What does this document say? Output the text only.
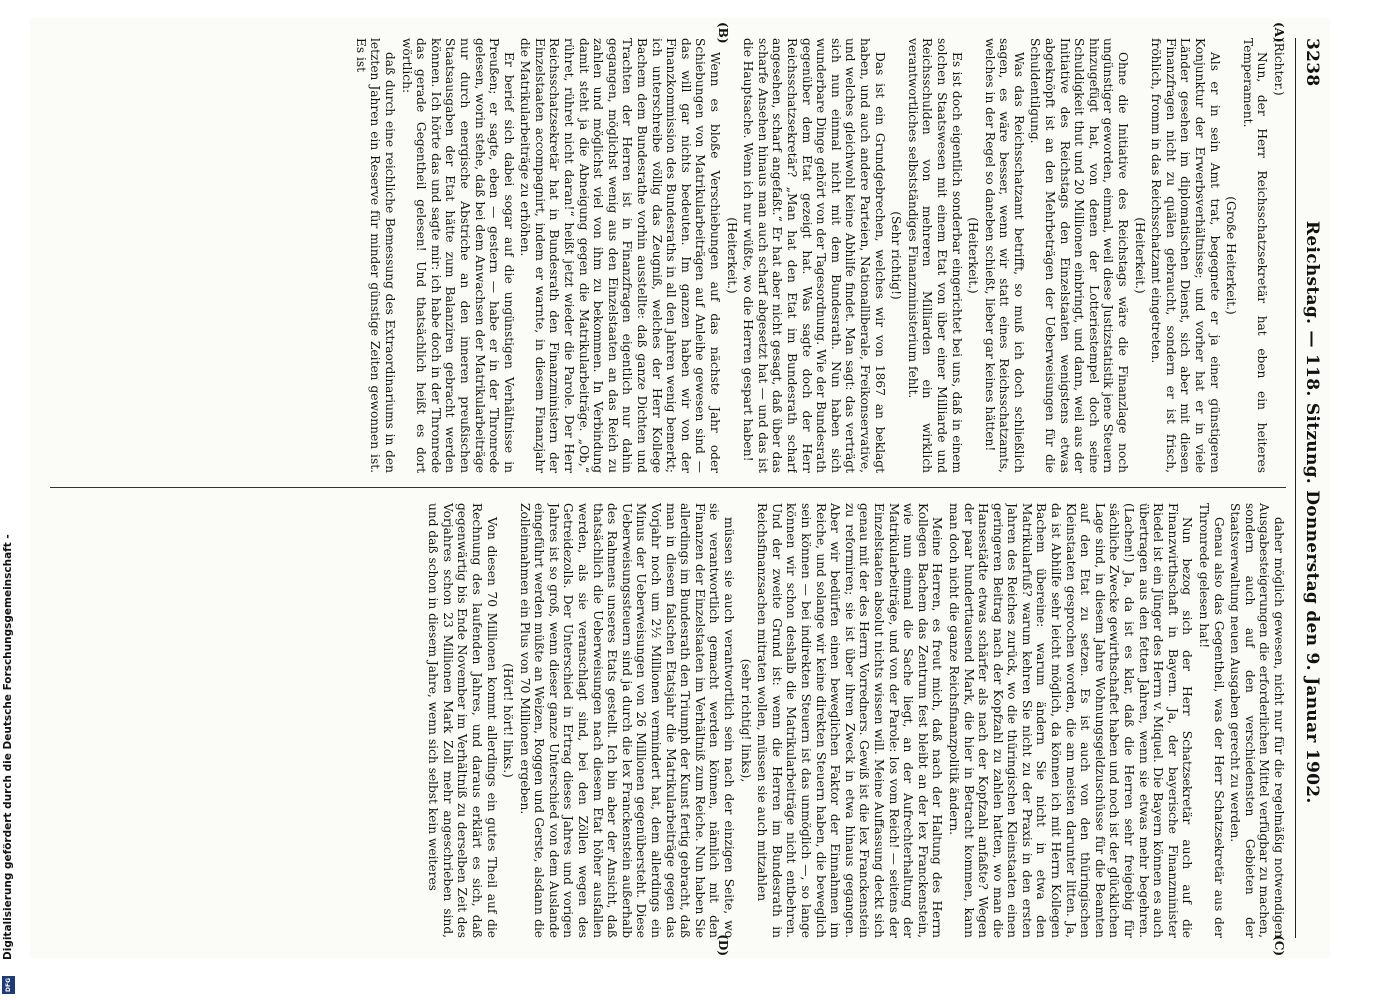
3238
Reichstag. — 118. Sitzung. Donnerstag den 9. Januar 1902.

(Richter.)

Nun, der Herr Reichsschatzsekretär hat eben ein heiteres Temperament.

(Große Heiterkeit.)

Als er in sein Amt trat, begegnete er ja einer günstigeren Konjunktur der Erwerbsverhältnisse; und vorher hat er in viele Länder gesehen im diplomatischen Dienst, sich aber mit diesen Finanzfragen nicht zu quälen gebraucht, sondern er ist frisch, fröhlich, fromm in das Reichsschatzamt eingetreten.

(Heiterkeit.)

Ohne die Initiative des Reichstags wäre die Finanzlage noch ungünstiger geworden, einmal, weil diese Justizstatistik jene Steuern hinzugefügt hat, von denen der Lotteriestempel doch seine Schuldigkeit thut und 20 Millionen einbringt, und dann, weil aus der Initiative des Reichstags den Einzelstaaten wenigstens etwas abgeknöpft ist an den Mehrbeträgen der Ueberweisungen für die Schuldentilgung.

Was das Reichsschatzamt betrifft, so muß ich doch schließlich sagen, es wäre besser, wenn wir statt eines Reichsschatzamts, welches in der Regel so daneben schießt, lieber gar keines hätten!

(Heiterkeit.)

Es ist doch eigentlich sonderbar eingerichtet bei uns, daß in einem solchen Staatswesen mit einem Etat von über einer Milliarde und Reichsschulden von mehreren Milliarden ein wirklich verantwortliches selbstständiges Finanzministerium fehlt.

(Sehr richtig!)

Das ist ein Grundgebrechen, welches wir von 1867 an beklagt haben, und auch andere Parteien, Nationalliberale, Freikonservative, und welches gleichwohl keine Abhilfe findet. Man sagt: das verträgt sich nun einmal nicht mit dem Bundesrath. Nun haben sich wunderbare Dinge gehört von der Tagesordnung. Wie der Bundesrath gegenüber dem Etat gezeigt hat. Was sagte doch der Herr Reichsschatzsekretär? „Man hat den Etat im Bundesrath scharf angesehen, scharf angefaßt.“ Er hat aber nicht gesagt, daß über das scharfe Ansehen hinaus man auch scharf abgesetzt hat — und das ist die Hauptsache. Wenn ich nur wüßte, wo die Herren gespart haben!

(Heiterkeit.)

Wenn es bloße Verschiebungen auf das nächste Jahr oder Schiebungen von Matrikularbeiträgen auf Anleihe gewesen sind — das will gar nichts bedeuten. Im ganzen haben wir von der Finanzkommission des Bundesraths in all den Jahren wenig bemerkt; ich unterschreibe völlig das Zeugniß, welches der Herr Kollege Bachem dem Bundesrathe vorhin ausstellte: daß ganze Dichten und Trachten der Herren ist in Finanzfragen eigentlich nur dahin gegangen, möglichst wenig aus den Einzelstaaten an das Reich zu zahlen und möglichst viel von ihm zu bekommen. In Verbindung damit steht ja die Abneigung gegen die Matrikularbeiträge. „Ob,“ rühret, rühret nicht daran!“ heißt jetzt wieder die Parole. Der Herr Reichsschatzsekretär hat in Bundesrath den Finanzministern der Einzelstaaten accompagnirt, indem er warnte, in diesem Finanzjahr die Matrikularbeiträge zu erhöhen.

Er berief sich dabei sogar auf die ungünstigen Verhältnisse in Preußen; er sagte, eben — gestern — habe er in der Thronrede gelesen, worin stehe, daß bei dem Anwachsen der Matrikularbeiträge nur durch energische Abstriche an den inneren preußischen Staatsausgaben der Etat hätte zum Balanziren gebracht werden können. Ich hörte das und sagte mir: ich habe doch in der Thronrede das gerade Gegentheil gelesen! Und thatsächlich heißt es dort wörtlich:

daß durch eine reichliche Bemessung des Extraordinariums in den letzten Jahren ein Reserve für minder günstige Zeiten gewonnen ist. Es ist

daher möglich gewesen, nicht nur für die regelmäßig notwendigen Ausgabesteigerungen die erforderlichen Mittel verfügbar zu machen, sondern auch auf den verschiedensten Gebieten der Staatsverwaltung neuen Ausgaben gerecht zu werden.

Genau also das Gegentheil, was der Herr Schatzsekretär aus der Thronrede gelesen hat!

Nun bezog sich der Herr Schatzsekretär auch auf die Finanzwirthschaft in Bayern. Ja, der bayerische Finanzminister Riedel ist ein Jünger des Herrn v. Miquel. Die Bayern können es auch übertragen aus den fetten Jahren, wenn sie etwas mehr begehren. (Lachen!) Ja, da ist es klar, daß die Herren sehr freigebig für sächliche Zwecke gewirthschaftet haben und noch ist der glücklichen Lage sind, in diesem Jahre Wohnungsgeldzuschüsse für die Beamten auf den Etat zu setzen. Es ist auch von den thüringischen Kleinstaaten gesprochen worden, die am meisten darunter litten. Ja, da ist Abhilfe sehr leicht möglich, da können ich mit Herrn Kollegen Bachem übereine: warum ändern Sie nicht in etwa den Matrikularfuß? warum kehren Sie nicht zu der Praxis in den ersten Jahren des Reiches zurück, wo die thüringischen Kleinstaaten einen geringeren Beitrag nach der Kopfzahl zu zahlen hatten, wo man die Hansestädte etwas schärfer als nach der Kopfzahl anfaßte? Wegen der paar hunderttausend Mark, die hier in Betracht kommen, kann man doch nicht die ganze Reichsfinanzpolitik ändern.

Meine Herren, es freut mich, daß nach der Haltung des Herrn Kollegen Bachem das Zentrum fest bleibt an der lex Franckenstein, wie nun einmal die Sache liegt, an der Aufrechterhaltung der Matrikularbeiträge, und von der Parole: los vom Reich! — seitens der Einzelstaaten absolut nichts wissen will. Meine Auffassung deckt sich genau mit der des Herrn Vorredners. Gewiß ist die lex Franckenstein zu reformiren; sie ist über ihren Zweck in etwa hinaus gegangen. Aber wir bedürfen einen beweglichen Faktor der Einnahmen im Reiche, und solange wir keine direkten Steuern haben, die beweglich sein können — bei indirekten Steuern ist das unmöglich —, so lange können wir schon deshalb die Matrikularbeiträge nicht entbehren. Und der zweite Grund ist: wenn die Herren im Bundesrath in Reichsfinanzsachen mitraten wollen, müssen sie auch mitzahlen

(sehr richtig! links),

müssen sie auch verantwortlich sein nach der einzigen Seite, wo sie verantwortlich gemacht werden können, nämlich mit den Finanzen der Einzelstaaten im Verhältniß zum Reiche. Nun haben Sie allerdings im Bundesrath den Triumph der Kunst fertig gebracht, daß man in diesem falschen Etatsjahr die Matrikularbeiträge gegen das Vorjahr noch um 2½ Millionen vermindert hat, dem allerdings ein Minus der Ueberweisungen von 26 Millionen gegenübersteht. Diese Ueberweisungssteuern sind ja durch die lex Franckenstein außerhalb des Rahmens unseres Etats gestellt. Ich bin aber der Ansicht, daß thatsächlich die Ueberweisungen nach diesem Etat höher ausfallen werden, als sie veranschlagt sind, bei den Zöllen wegen des Getreidezolls. Der Unterschied in Ertrag dieses Jahres und vorigen Jahres ist so groß, wenn dieser ganze Unterschied von dem Auslande eingeführt werden müßte an Weizen, Roggen und Gerste, alsdann die Zolleinnahmen ein Plus von 70 Millionen ergeben.

(Hört! hört! links.)

Von diesen 70 Millionen kommt allerdings ein gutes Theil auf die Rechnung des laufenden Jahres, und daraus erklärt es sich, daß gegenwärtig bis Ende November im Verhältniß zu derselben Zeit des Vorjahres schon 23 Millionen Mark Zoll mehr angeschrieben sind, und daß schon in diesem Jahre, wenn sich selbst kein weiteres

(A)
(B)
(C)
(D)
Digitalisierung gefördert durch die Deutsche Forschungsgemeinschaft -
DFG
